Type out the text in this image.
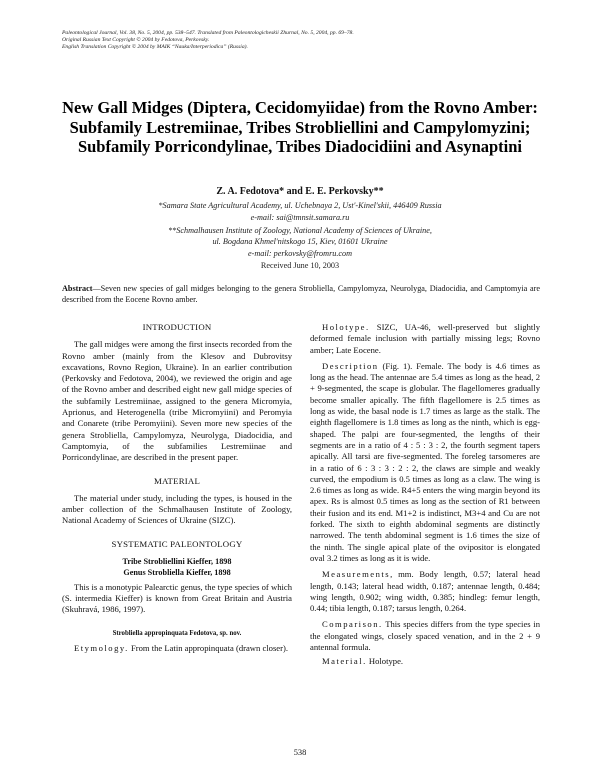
Paleontological Journal, Vol. 38, No. 5, 2004, pp. 538–547. Translated from Paleontologicheskii Zhurnal, No. 5, 2004, pp. 69–78.
Original Russian Text Copyright © 2004 by Fedotova, Perkovsky.
English Translation Copyright © 2004 by MAIK “Nauka/Interperiodica” (Russia).
New Gall Midges (Diptera, Cecidomyiidae) from the Rovno Amber: Subfamily Lestremiinae, Tribes Strobliellini and Campylomyzini; Subfamily Porricondylinae, Tribes Diadocidiini and Asynaptini
Z. A. Fedotova* and E. E. Perkovsky**
*Samara State Agricultural Academy, ul. Uchebnaya 2, Ust'-Kinel'skii, 446409 Russia
e-mail: sai@tmnsit.samara.ru
**Schmalhausen Institute of Zoology, National Academy of Sciences of Ukraine,
ul. Bogdana Khmel'nitskogo 15, Kiev, 01601 Ukraine
e-mail: perkovsky@fromru.com
Received June 10, 2003
Abstract—Seven new species of gall midges belonging to the genera Strobliella, Campylomyza, Neurolyga, Diadocidia, and Camptomyia are described from the Eocene Rovno amber.
INTRODUCTION

The gall midges were among the first insects recorded from the Rovno amber (mainly from the Klesov and Dubrovitsy excavations, Rovno Region, Ukraine). In an earlier contribution (Perkovsky and Fedotova, 2004), we reviewed the origin and age of the Rovno amber and described eight new gall midge species of the subfamily Lestremiinae, assigned to the genera Micromyia, Aprionus, and Heterogenella (tribe Micromyiini) and Peromyia and Conarete (tribe Peromyiini). Seven more new species of the genera Strobliella, Campylomyza, Neurolyga, Diadocidia, and Camptomyia, of the subfamilies Lestremiinae and Porricondylinae, are described in the present paper.

MATERIAL

The material under study, including the types, is housed in the amber collection of the Schmalhausen Institute of Zoology, National Academy of Sciences of Ukraine (SIZC).

SYSTEMATIC PALEONTOLOGY
Tribe Strobliellini Kieffer, 1898
Genus Strobliella Kieffer, 1898

This is a monotypic Palearctic genus, the type species of which (S. intermedia Kieffer) is known from Great Britain and Austria (Skuhravá, 1986, 1997).

Strobliella appropinquata Fedotova, sp. nov.

Etymology. From the Latin appropinquata (drawn closer).

Holotype. SIZC, UA-46, well-preserved but slightly deformed female inclusion with partially missing legs; Rovno amber; Late Eocene.

Description (Fig. 1). Female. The body is 4.6 times as long as the head. The antennae are 5.4 times as long as the head, 2 + 9-segmented, the scape is globular. The flagellomeres gradually become smaller apically. The fifth flagellomere is 2.5 times as long as wide, the basal node is 1.7 times as large as the stalk. The eighth flagellomere is 1.8 times as long as the ninth, which is egg-shaped. The palpi are four-segmented, the lengths of their segments are in a ratio of 4 : 5 : 3 : 2, the fourth segment tapers apically. All tarsi are five-segmented. The foreleg tarsomeres are in a ratio of 6 : 3 : 3 : 2 : 2, the claws are simple and weakly curved, the empodium is 0.5 times as long as a claw. The wing is 2.6 times as long as wide. R4+5 enters the wing margin beyond its apex. Rs is almost 0.5 times as long as the section of R1 between their fusion and its end. M1+2 is indistinct, M3+4 and Cu are not forked. The sixth to eighth abdominal segments are distinctly narrowed. The tenth abdominal segment is 1.6 times the size of the ninth. The single apical plate of the ovipositor is elongated oval 3.2 times as long as it is wide.

Measurements, mm. Body length, 0.57; lateral head length, 0.143; lateral head width, 0.187; antennae length, 0.484; wing length, 0.902; wing width, 0.385; hindleg: femur length, 0.44; tibia length, 0.187; tarsus length, 0.264.

Comparison. This species differs from the type species in the elongated wings, closely spaced venation, and in the 2 + 9 antennal formula.

Material. Holotype.

538
